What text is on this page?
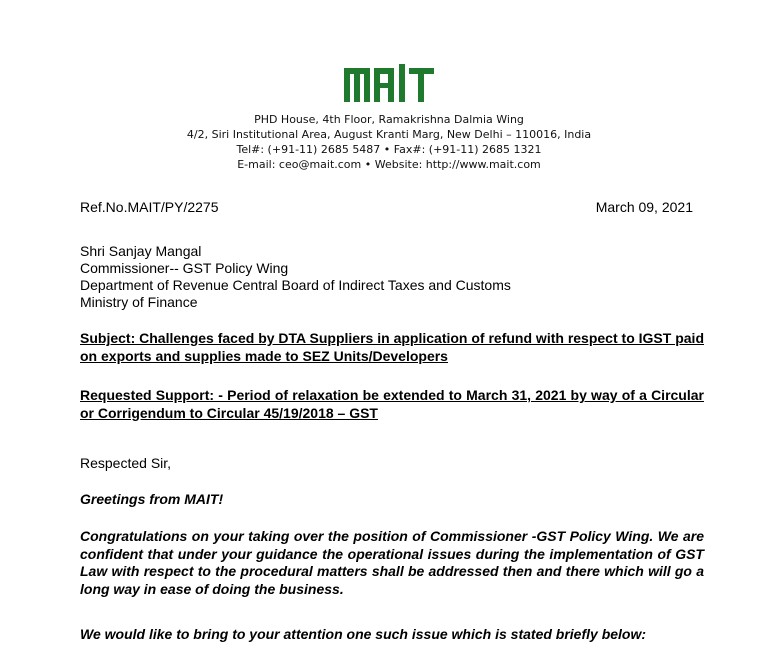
PHD House, 4th Floor, Ramakrishna Dalmia Wing
4/2, Siri Institutional Area, August Kranti Marg, New Delhi – 110016, India
Tel#: (+91-11) 2685 5487 • Fax#: (+91-11) 2685 1321
E-mail: ceo@mait.com • Website: http://www.mait.com
Ref.No.MAIT/PY/2275	March 09, 2021
Shri Sanjay Mangal
Commissioner-- GST Policy Wing
Department of Revenue Central Board of Indirect Taxes and Customs
Ministry of Finance
Subject: Challenges faced by DTA Suppliers in application of refund with respect to IGST paid on exports and supplies made to SEZ Units/Developers
Requested Support: - Period of relaxation be extended to March 31, 2021 by way of a Circular or Corrigendum to Circular 45/19/2018 – GST
Respected Sir,
Greetings from MAIT!
Congratulations on your taking over the position of Commissioner -GST Policy Wing. We are confident that under your guidance the operational issues during the implementation of GST Law with respect to the procedural matters shall be addressed then and there which will go a long way in ease of doing the business.
We would like to bring to your attention one such issue which is stated briefly below:
